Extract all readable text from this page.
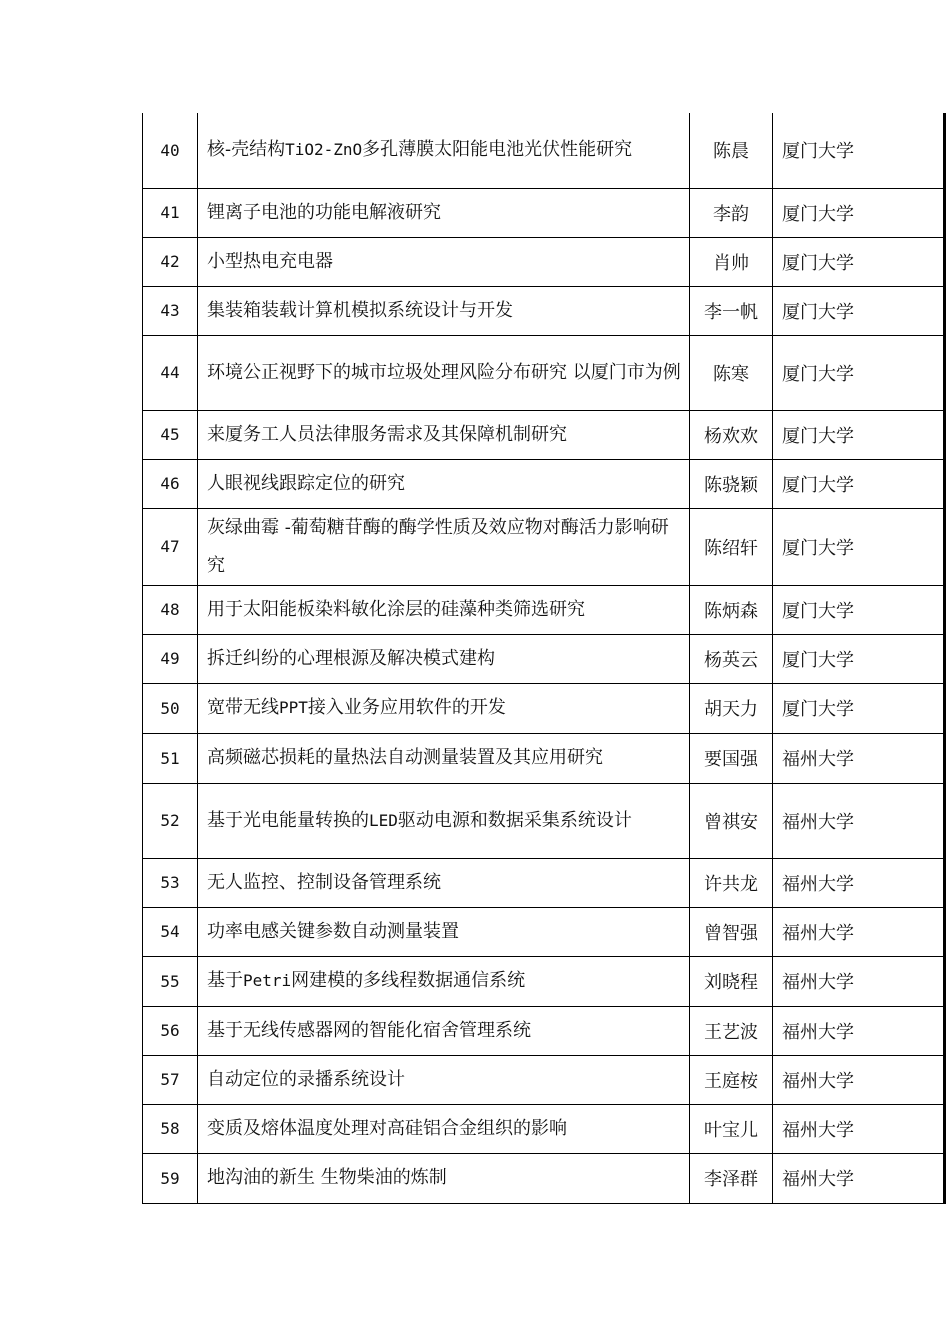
40	核-壳结构TiO2-ZnO多孔薄膜太阳能电池光伏性能研究	陈晨	厦门大学
41	锂离子电池的功能电解液研究	李韵	厦门大学
42	小型热电充电器	肖帅	厦门大学
43	集装箱装载计算机模拟系统设计与开发	李一帆	厦门大学
44	环境公正视野下的城市垃圾处理风险分布研究 以厦门市为例	陈寒	厦门大学
45	来厦务工人员法律服务需求及其保障机制研究	杨欢欢	厦门大学
46	人眼视线跟踪定位的研究	陈骁颖	厦门大学
47	灰绿曲霉 -葡萄糖苷酶的酶学性质及效应物对酶活力影响研究	陈绍轩	厦门大学
48	用于太阳能板染料敏化涂层的硅藻种类筛选研究	陈炳森	厦门大学
49	拆迁纠纷的心理根源及解决模式建构	杨英云	厦门大学
50	宽带无线PPT接入业务应用软件的开发	胡天力	厦门大学
51	高频磁芯损耗的量热法自动测量装置及其应用研究	要国强	福州大学
52	基于光电能量转换的LED驱动电源和数据采集系统设计	曾祺安	福州大学
53	无人监控、控制设备管理系统	许共龙	福州大学
54	功率电感关键参数自动测量装置	曾智强	福州大学
55	基于Petri网建模的多线程数据通信系统	刘晓程	福州大学
56	基于无线传感器网的智能化宿舍管理系统	王艺波	福州大学
57	自动定位的录播系统设计	王庭桉	福州大学
58	变质及熔体温度处理对高硅铝合金组织的影响	叶宝儿	福州大学
59	地沟油的新生 生物柴油的炼制	李泽群	福州大学
